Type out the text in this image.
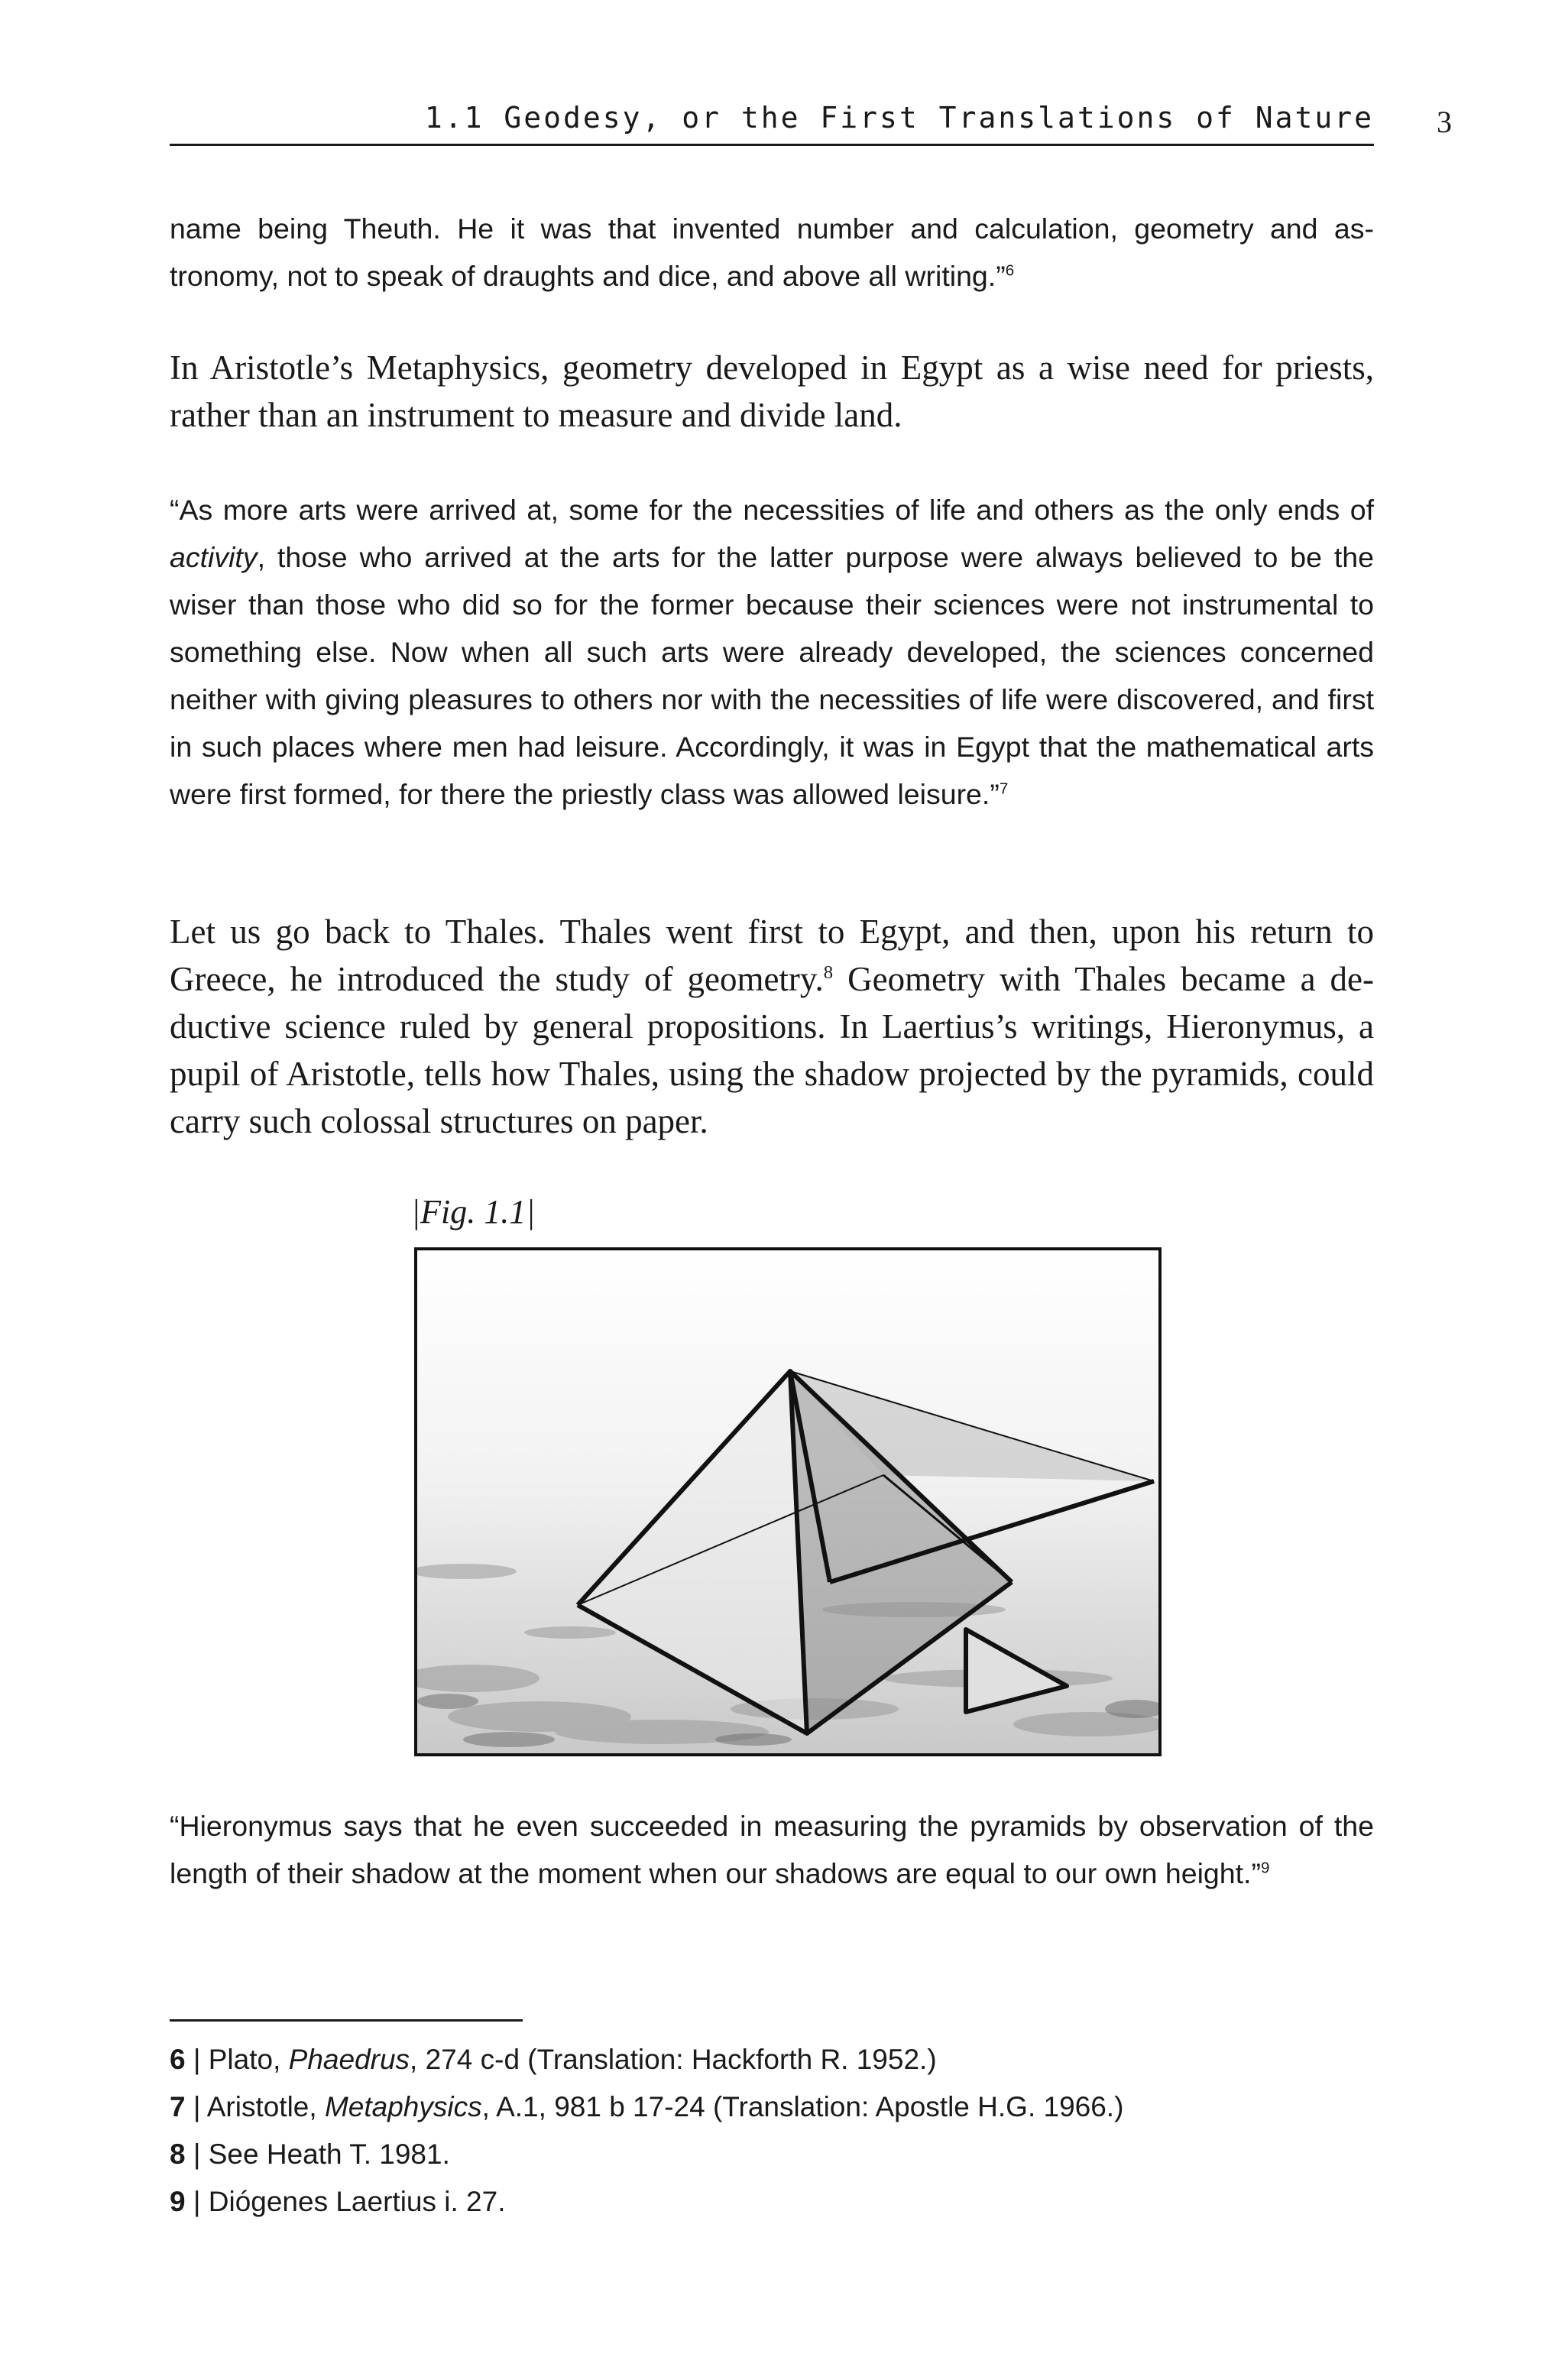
1.1 Geodesy, or the First Translations of Nature 3

name being Theuth. He it was that invented number and calculation, geometry and as-tronomy, not to speak of draughts and dice, and above all writing.”$^6$

In Aristotle’s Metaphysics, geometry developed in Egypt as a wise need for priests, rather than an instrument to measure and divide land.

“As more arts were arrived at, some for the necessities of life and others as the only ends of activity, those who arrived at the arts for the latter purpose were always believed to be the wiser than those who did so for the former because their sciences were not instrumental to something else. Now when all such arts were already developed, the sciences concerned neither with giving pleasures to others nor with the necessities of life were discovered, and first in such places where men had leisure. Accordingly, it was in Egypt that the mathematical arts were first formed, for there the priestly class was allowed leisure.”$^7$

Let us go back to Thales. Thales went first to Egypt, and then, upon his return to Greece, he introduced the study of geometry.$^8$ Geometry with Thales became a de-ductive science ruled by general propositions. In Laertius’s writings, Hieronymus, a pupil of Aristotle, tells how Thales, using the shadow projected by the pyramids, could carry such colossal structures on paper.

|Fig. 1.1|

“Hieronymus says that he even succeeded in measuring the pyramids by observation of the length of their shadow at the moment when our shadows are equal to our own height.”$^9$

6 | Plato, Phaedrus, 274 c-d (Translation: Hackforth R. 1952.)
7 | Aristotle, Metaphysics, A.1, 981 b 17-24 (Translation: Apostle H.G. 1966.)
8 | See Heath T. 1981.
9 | Diógenes Laertius i. 27.
